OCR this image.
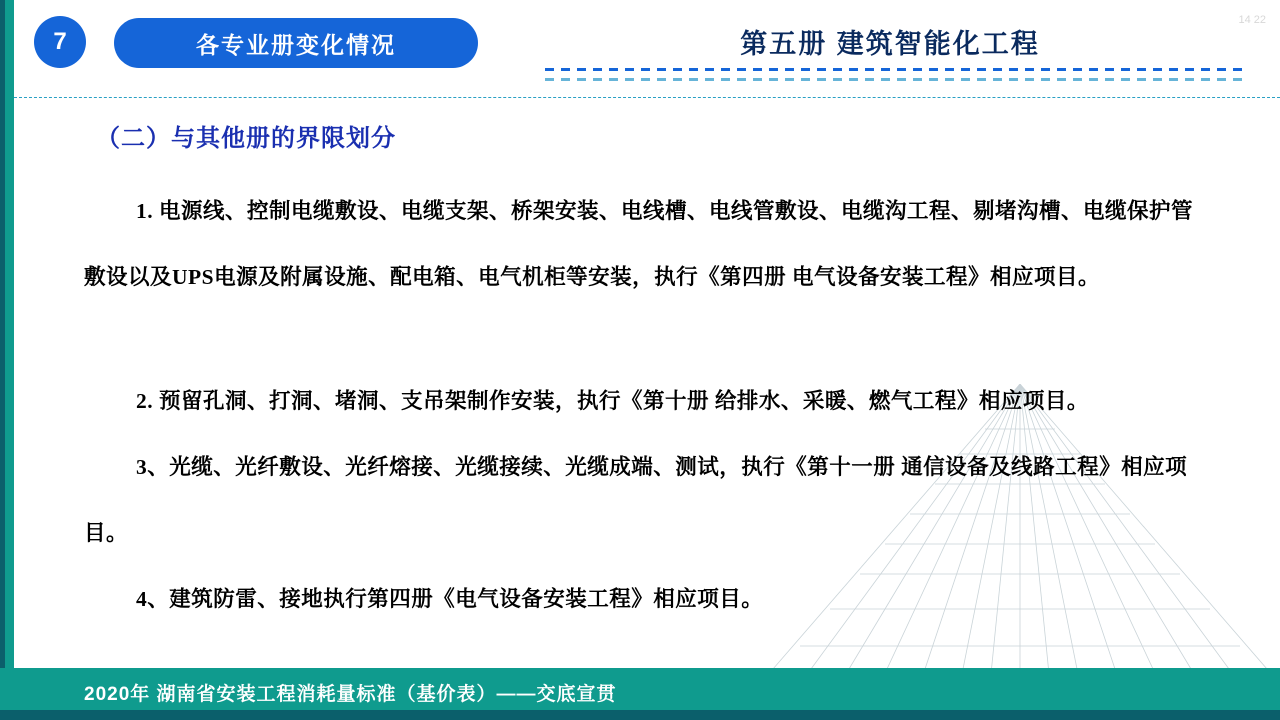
7	各专业册变化情况	第五册 建筑智能化工程
14 22
（二）与其他册的界限划分
1. 电源线、控制电缆敷设、电缆支架、桥架安装、电线槽、电线管敷设、电缆沟工程、剔堵沟槽、电缆保护管敷设以及UPS电源及附属设施、配电箱、电气机柜等安装，执行《第四册 电气设备安装工程》相应项目。
2. 预留孔洞、打洞、堵洞、支吊架制作安装，执行《第十册 给排水、采暖、燃气工程》相应项目。
3、光缆、光纤敷设、光纤熔接、光缆接续、光缆成端、测试，执行《第十一册 通信设备及线路工程》相应项目。
4、建筑防雷、接地执行第四册《电气设备安装工程》相应项目。
2020年 湖南省安装工程消耗量标准（基价表）——交底宣贯
